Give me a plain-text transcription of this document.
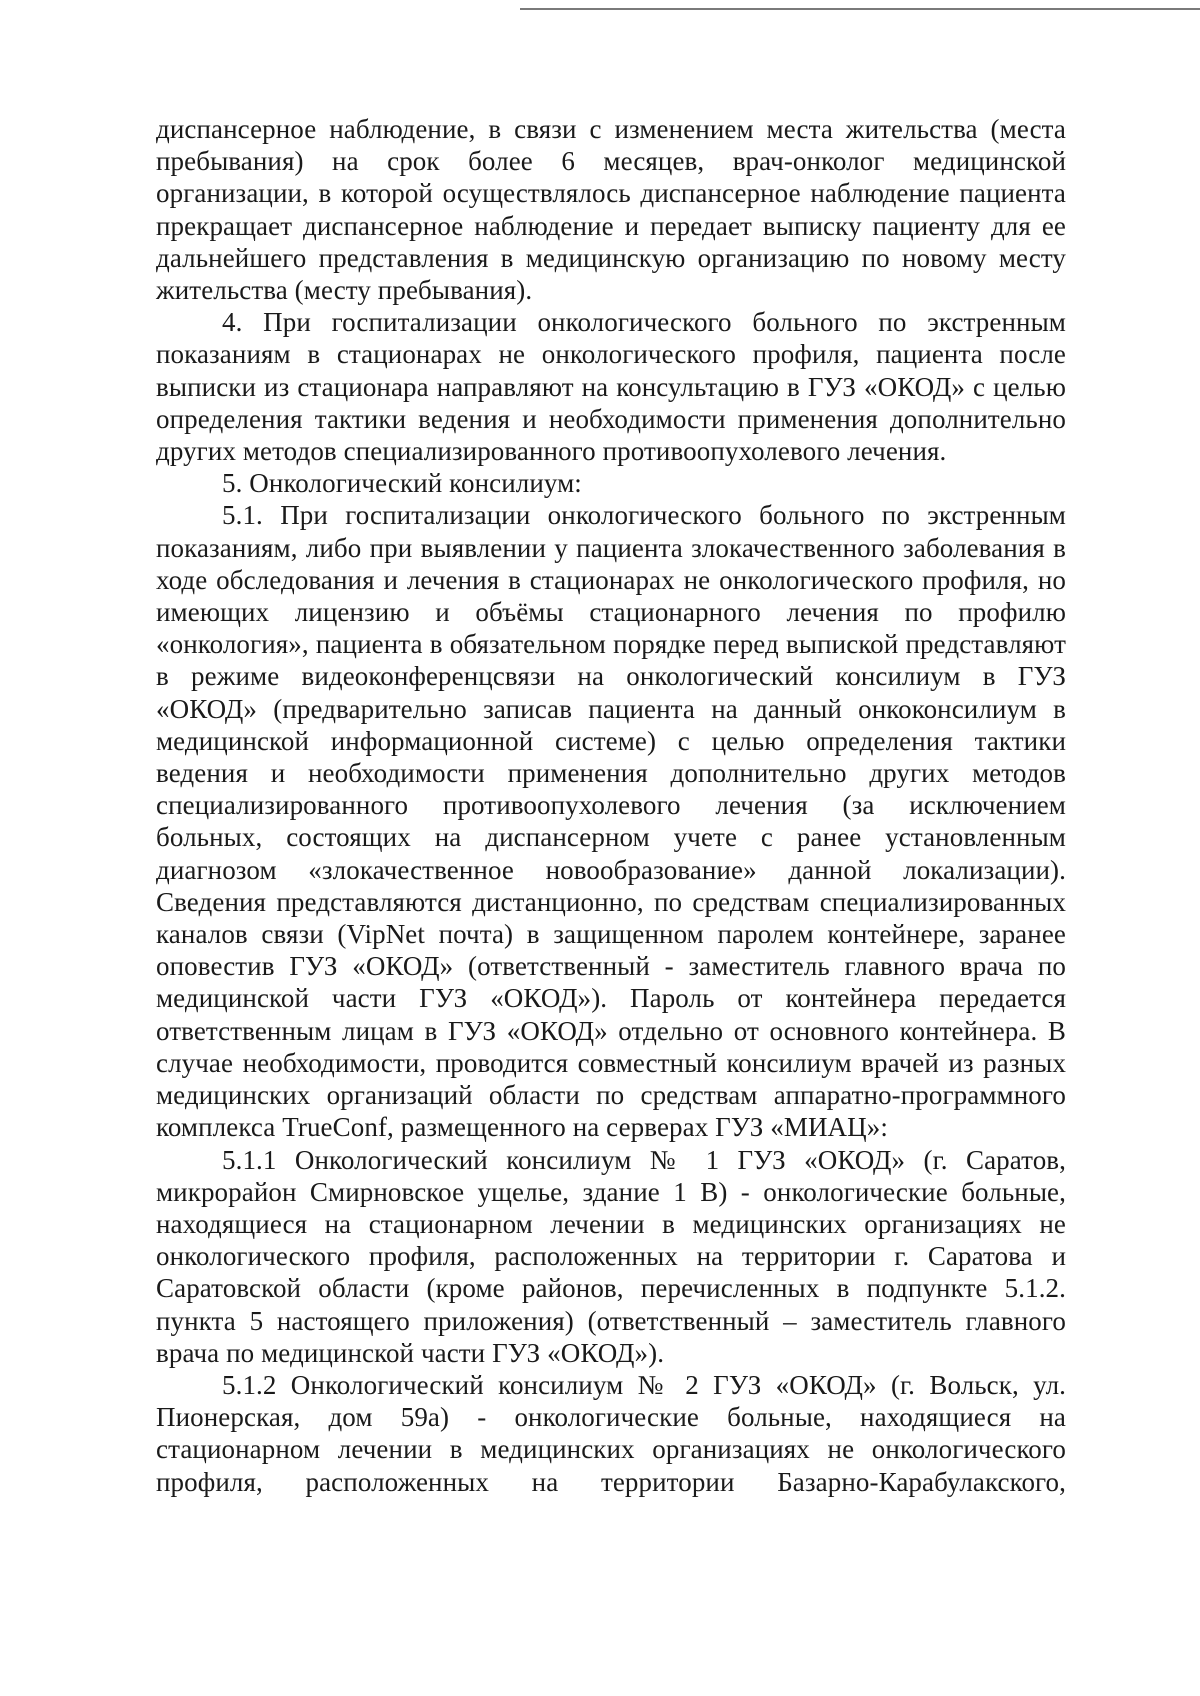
диспансерное наблюдение, в связи с изменением места жительства (места пребывания) на срок более 6 месяцев, врач-онколог медицинской организации, в которой осуществлялось диспансерное наблюдение пациента прекращает диспансерное наблюдение и передает выписку пациенту для ее дальнейшего представления в медицинскую организацию по новому месту жительства (месту пребывания).

4. При госпитализации онкологического больного по экстренным показаниям в стационарах не онкологического профиля, пациента после выписки из стационара направляют на консультацию в ГУЗ «ОКОД» с целью определения тактики ведения и необходимости применения дополнительно других методов специализированного противоопухолевого лечения.

5. Онкологический консилиум:

5.1. При госпитализации онкологического больного по экстренным показаниям, либо при выявлении у пациента злокачественного заболевания в ходе обследования и лечения в стационарах не онкологического профиля, но имеющих лицензию и объёмы стационарного лечения по профилю «онкология», пациента в обязательном порядке перед выпиской представляют в режиме видеоконференцсвязи на онкологический консилиум в ГУЗ «ОКОД» (предварительно записав пациента на данный онкоконсилиум в медицинской информационной системе) с целью определения тактики ведения и необходимости применения дополнительно других методов специализированного противоопухолевого лечения (за исключением больных, состоящих на диспансерном учете с ранее установленным диагнозом «злокачественное новообразование» данной локализации). Сведения представляются дистанционно, по средствам специализированных каналов связи (VipNet почта) в защищенном паролем контейнере, заранее оповестив ГУЗ «ОКОД» (ответственный - заместитель главного врача по медицинской части ГУЗ «ОКОД»). Пароль от контейнера передается ответственным лицам в ГУЗ «ОКОД» отдельно от основного контейнера. В случае необходимости, проводится совместный консилиум врачей из разных медицинских организаций области по средствам аппаратно-программного комплекса TrueConf, размещенного на серверах ГУЗ «МИАЦ»:

5.1.1 Онкологический консилиум № 1 ГУЗ «ОКОД» (г. Саратов, микрорайон Смирновское ущелье, здание 1 В) - онкологические больные, находящиеся на стационарном лечении в медицинских организациях не онкологического профиля, расположенных на территории г. Саратова и Саратовской области (кроме районов, перечисленных в подпункте 5.1.2. пункта 5 настоящего приложения) (ответственный – заместитель главного врача по медицинской части ГУЗ «ОКОД»).

5.1.2 Онкологический консилиум № 2 ГУЗ «ОКОД» (г. Вольск, ул. Пионерская, дом 59а) - онкологические больные, находящиеся на стационарном лечении в медицинских организациях не онкологического профиля, расположенных на территории Базарно-Карабулакского,
